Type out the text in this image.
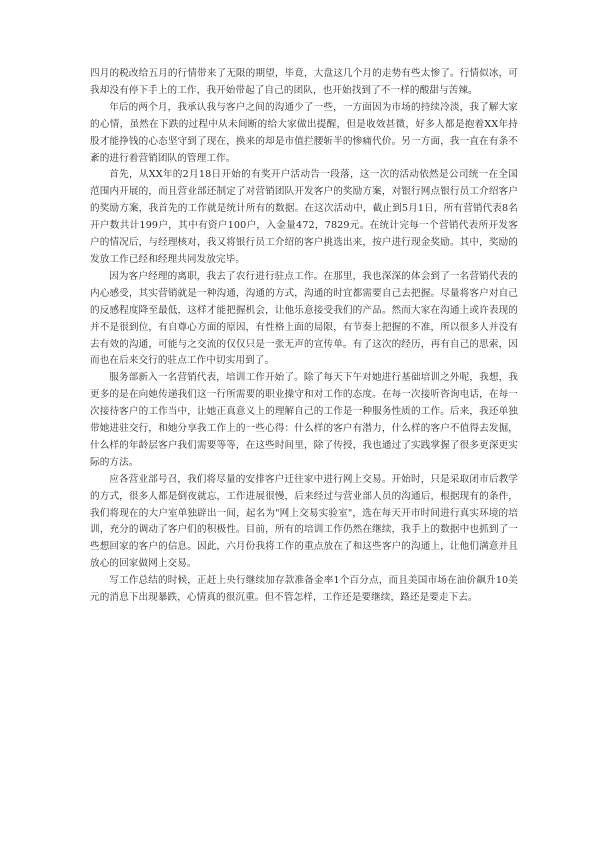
四月的税改给五月的行情带来了无限的期望，毕竟，大盘这几个月的走势有些太惨了。行情似冰，可我却没有停下手上的工作，我开始带起了自己的团队，也开始找到了不一样的酸甜与苦辣。

年后的两个月，我承认我与客户之间的沟通少了一些，一方面因为市场的持续冷淡，我了解大家的心情，虽然在下跌的过程中从未间断的给大家做出提醒，但是收效甚微，好多人都是抱着XX年持股才能挣钱的心态坚守到了现在，换来的却是市值拦腰斩半的惨痛代价。另一方面，我一直在有条不紊的进行着营销团队的管理工作。

首先，从XX年的2月18日开始的有奖开户活动告一段落，这一次的活动依然是公司统一在全国范围内开展的，而且营业部还制定了对营销团队开发客户的奖励方案，对银行网点银行员工介绍客户的奖励方案，我首先的工作就是统计所有的数据。在这次活动中，截止到5月1日，所有营销代表8名开户数共计199户，其中有资户100户，入金量472，7829元。在统计完每一个营销代表所开发客户的情况后，与经理核对，我又将银行员工介绍的客户挑选出来，按户进行现金奖励。其中，奖励的发放工作已经和经理共同发放完毕。

因为客户经理的离职，我去了农行进行驻点工作。在那里，我也深深的体会到了一名营销代表的内心感受，其实营销就是一种沟通，沟通的方式，沟通的时宜都需要自己去把握。尽量将客户对自己的反感程度降至最低，这样才能把握机会，让他乐意接受我们的产品。然而大家在沟通上或许表现的并不是很到位，有自尊心方面的原因，有性格上面的局限，有节奏上把握的不准，所以很多人并没有去有效的沟通，可能与之交流的仅仅只是一张无声的宣传单。有了这次的经历，再有自己的思索，因而也在后来交行的驻点工作中切实用到了。

服务部新入一名营销代表，培训工作开始了。除了每天下午对她进行基础培训之外呢，我想，我更多的是在向她传递我们这一行所需要的职业操守和对工作的态度。在每一次接听咨询电话，在每一次接待客户的工作当中，让她正真意义上的理解自己的工作是一种服务性质的工作。后来，我还单独带她进驻交行，和她分享我工作上的一些心得：什么样的客户有潜力，什么样的客户不值得去发掘，什么样的年龄层客户我们需要等等，在这些时间里，除了传授，我也通过了实践掌握了很多更深更实际的方法。

应各营业部号召，我们将尽量的安排客户迁往家中进行网上交易。开始时，只是采取闭市后教学的方式，很多人都是倒夜就忘，工作进展很慢，后来经过与营业部人员的沟通后，根据现有的条件，我们将现在的大户室单独辟出一间，起名为"网上交易实验室"，选在每天开市时间进行真实环境的培训，充分的调动了客户们的积极性。目前，所有的培训工作仍然在继续，我手上的数据中也抓到了一些想回家的客户的信息。因此，六月份我将工作的重点放在了和这些客户的沟通上，让他们满意并且放心的回家做网上交易。

写工作总结的时候，正赶上央行继续加存款准备金率1个百分点，而且美国市场在油价飙升10美元的消息下出现暴跌，心情真的很沉重。但不管怎样，工作还是要继续，路还是要走下去。
